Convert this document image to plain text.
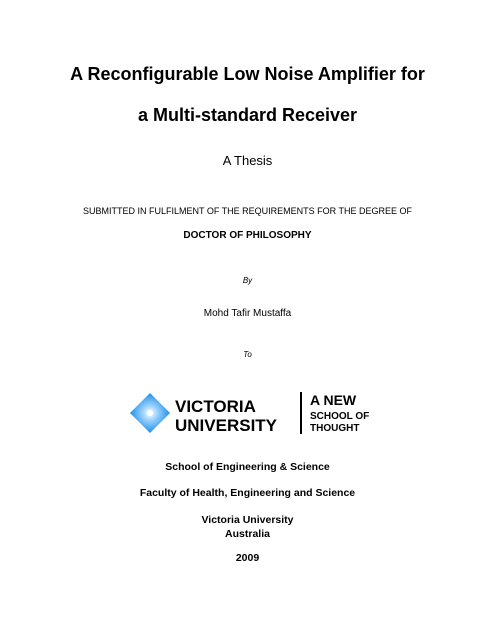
A Reconfigurable Low Noise Amplifier for
a Multi-standard Receiver
A Thesis
SUBMITTED IN FULFILMENT OF THE REQUIREMENTS FOR THE DEGREE OF
DOCTOR OF PHILOSOPHY
By
Mohd Tafir Mustaffa
To
VICTORIA
UNIVERSITY
A NEW
SCHOOL OF
THOUGHT
School of Engineering & Science
Faculty of Health, Engineering and Science
Victoria University
Australia
2009
